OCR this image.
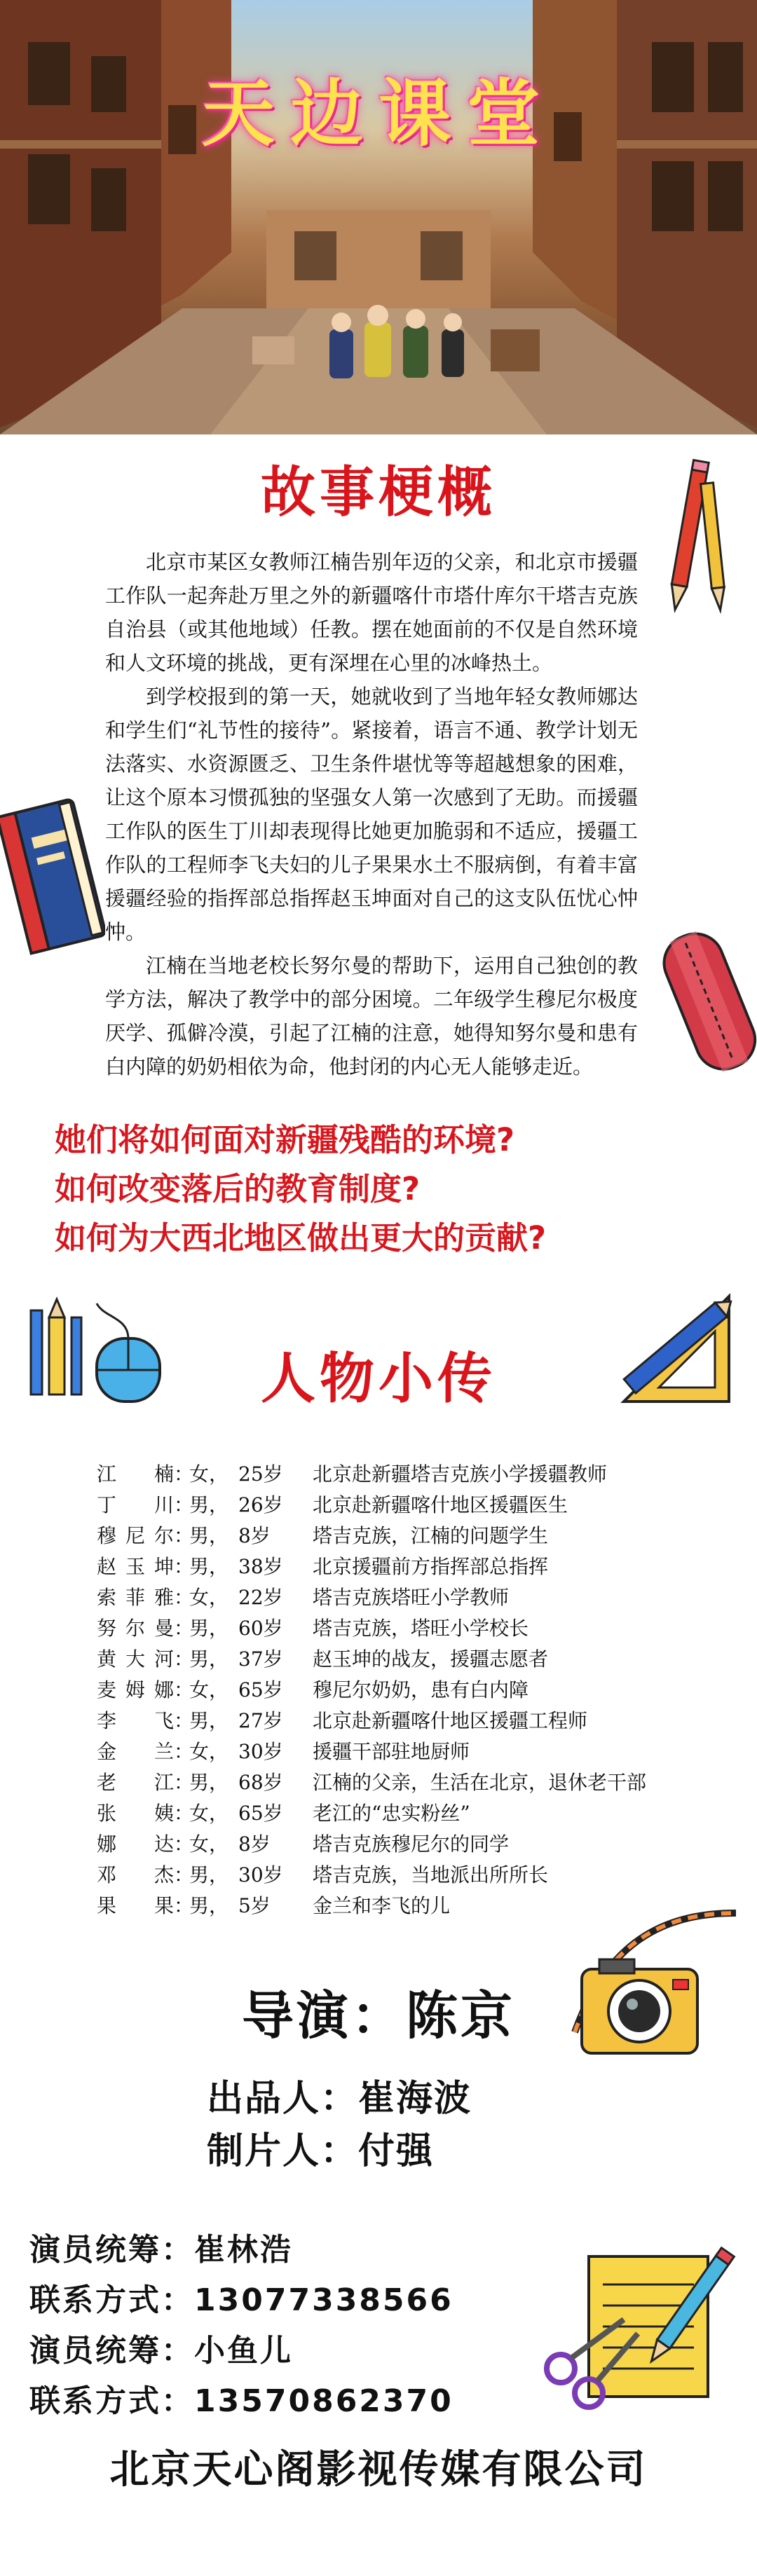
天边课堂
故事梗概

北京市某区女教师江楠告别年迈的父亲，和北京市援疆工作队一起奔赴万里之外的新疆喀什市塔什库尔干塔吉克族自治县（或其他地域）任教。摆在她面前的不仅是自然环境和人文环境的挑战，更有深埋在心里的冰峰热土。

到学校报到的第一天，她就收到了当地年轻女教师娜达和学生们“礼节性的接待”。紧接着，语言不通、教学计划无法落实、水资源匮乏、卫生条件堪忧等等超越想象的困难，让这个原本习惯孤独的坚强女人第一次感到了无助。而援疆工作队的医生丁川却表现得比她更加脆弱和不适应，援疆工作队的工程师李飞夫妇的儿子果果水土不服病倒，有着丰富援疆经验的指挥部总指挥赵玉坤面对自己的这支队伍忧心忡忡。

江楠在当地老校长努尔曼的帮助下，运用自己独创的教学方法，解决了教学中的部分困境。二年级学生穆尼尔极度厌学、孤僻冷漠，引起了江楠的注意，她得知努尔曼和患有白内障的奶奶相依为命，他封闭的内心无人能够走近。

她们将如何面对新疆残酷的环境?
如何改变落后的教育制度?
如何为大西北地区做出更大的贡献?
人物小传
江 楠 ：
女， 25岁	北京赴新疆塔吉克族小学援疆教师
丁 川 ：
男， 26岁	北京赴新疆喀什地区援疆医生
穆 尼 尔 ：
男， 8岁	塔吉克族，江楠的问题学生
赵 玉 坤 ：
男， 38岁	北京援疆前方指挥部总指挥
索 菲 雅 ：
女， 22岁	塔吉克族塔旺小学教师
努 尔 曼 ：
男， 60岁	塔吉克族，塔旺小学校长
黄 大 河 ：
男， 37岁	赵玉坤的战友，援疆志愿者
麦 姆 娜 ：
女， 65岁	穆尼尔奶奶，患有白内障
李 飞 ：
男， 27岁	北京赴新疆喀什地区援疆工程师
金 兰 ：
女， 30岁	援疆干部驻地厨师
老 江 ：
男， 68岁	江楠的父亲，生活在北京，退休老干部
张 姨 ：
女， 65岁	老江的“忠实粉丝”
娜 达 ：
女， 8岁	塔吉克族穆尼尔的同学
邓 杰 ：
男， 30岁	塔吉克族，当地派出所所长
果 果 ：
男， 5岁	金兰和李飞的儿
导演：陈京
出品人：崔海波
制片人：付强
演员统筹：崔林浩
联系方式：13077338566
演员统筹：小鱼儿
联系方式：13570862370
北京天心阁影视传媒有限公司
